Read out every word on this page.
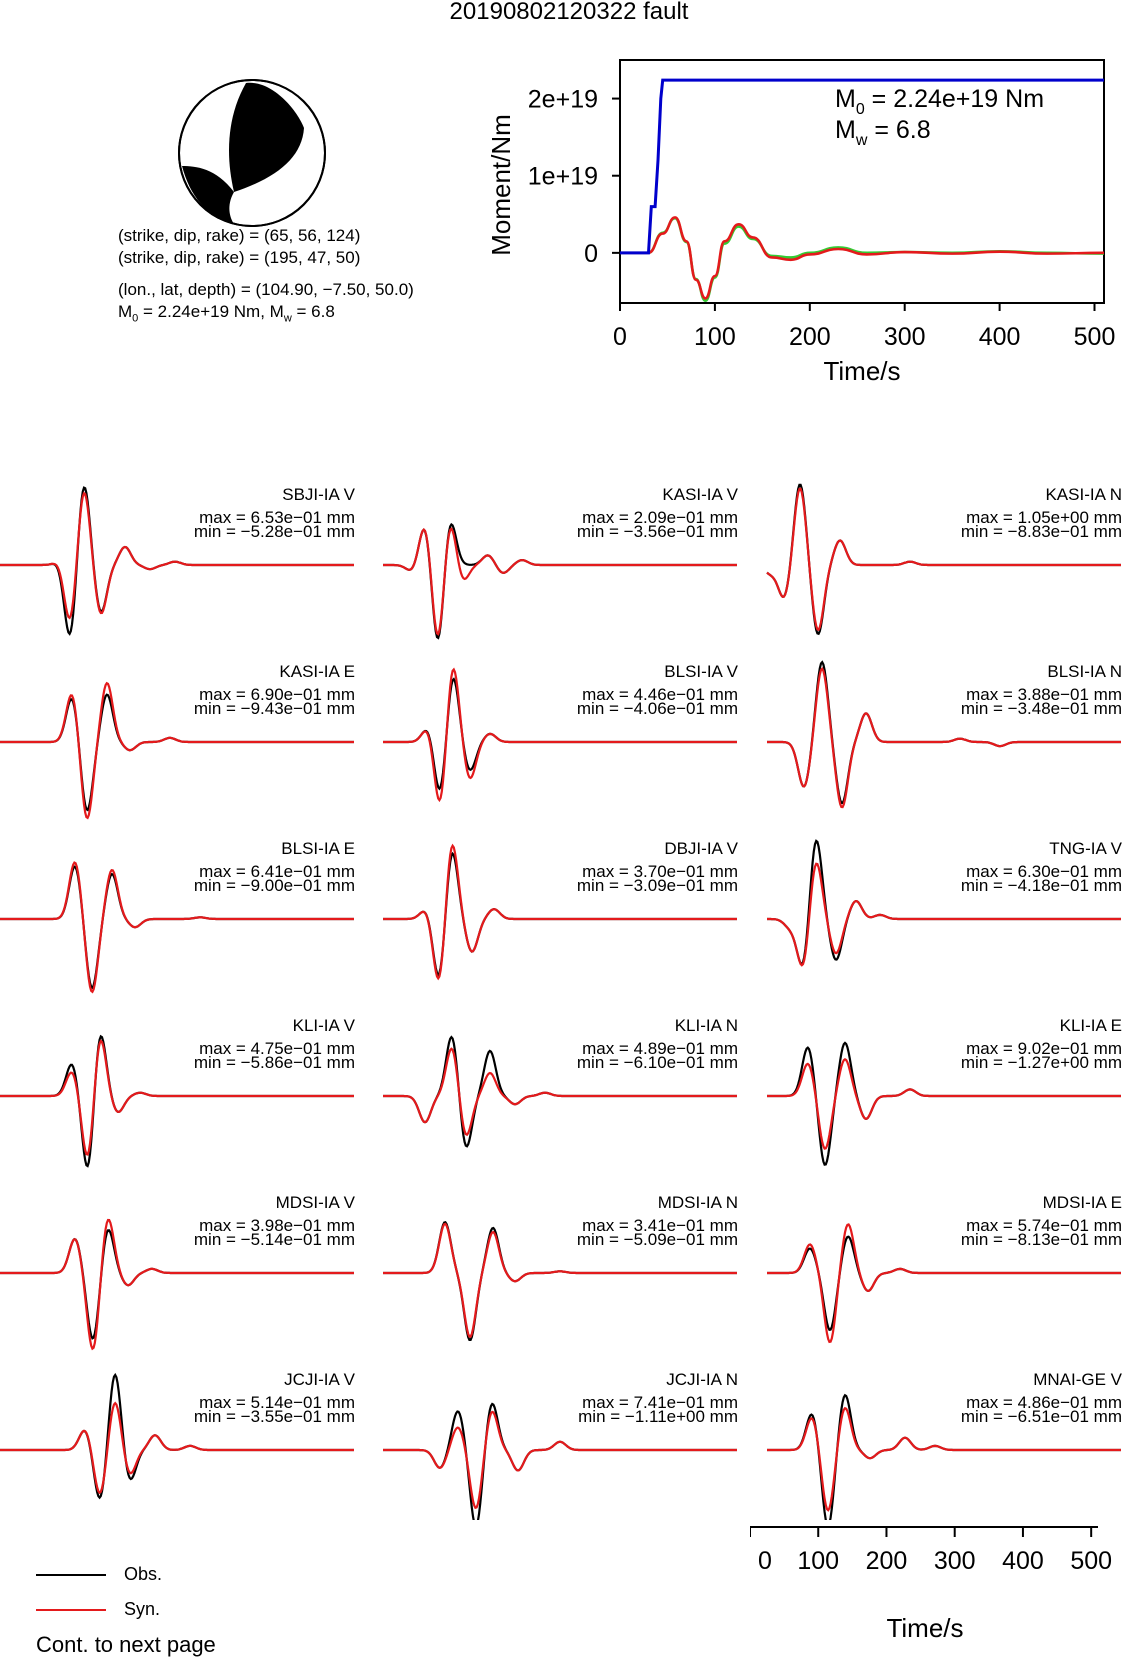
20190802120322 fault
(strike, dip, rake) = (65, 56, 124)
(strike, dip, rake) = (195, 47, 50)
(lon., lat, depth) = (104.90, −7.50, 50.0)
$M_0 = 2.24e+19$ Nm, $M_w = 6.8$
2e+19
1e+19
0
0	100 200 300 400 500
Moment/Nm
Time/s
$M_0 = 2.24e+19$ Nm
$M_w = 6.8$
SBJI-IA V
max = 6.53e−01 mm
min = −5.28e−01 mm
KASI-IA V
max = 2.09e−01 mm
min = −3.56e−01 mm
KASI-IA N
max = 1.05e+00 mm
min = −8.83e−01 mm
KASI-IA E
max = 6.90e−01 mm
min = −9.43e−01 mm
BLSI-IA V
max = 4.46e−01 mm
min = −4.06e−01 mm
BLSI-IA N
max = 3.88e−01 mm
min = −3.48e−01 mm
BLSI-IA E
max = 6.41e−01 mm
min = −9.00e−01 mm
DBJI-IA V
max = 3.70e−01 mm
min = −3.09e−01 mm
TNG-IA V
max = 6.30e−01 mm
min = −4.18e−01 mm
KLI-IA V
max = 4.75e−01 mm
min = −5.86e−01 mm
KLI-IA N
max = 4.89e−01 mm
min = −6.10e−01 mm
KLI-IA E
max = 9.02e−01 mm
min = −1.27e+00 mm
MDSI-IA V
max = 3.98e−01 mm
min = −5.14e−01 mm
MDSI-IA N
max = 3.41e−01 mm
min = −5.09e−01 mm
MDSI-IA E
max = 5.74e−01 mm
min = −8.13e−01 mm
JCJI-IA V
max = 5.14e−01 mm
min = −3.55e−01 mm
JCJI-IA N
max = 7.41e−01 mm
min = −1.11e+00 mm
MNAI-GE V
max = 4.86e−01 mm
min = −6.51e−01 mm
0 100 200 300 400 500
Time/s
Obs.
Syn.
Cont. to next page
